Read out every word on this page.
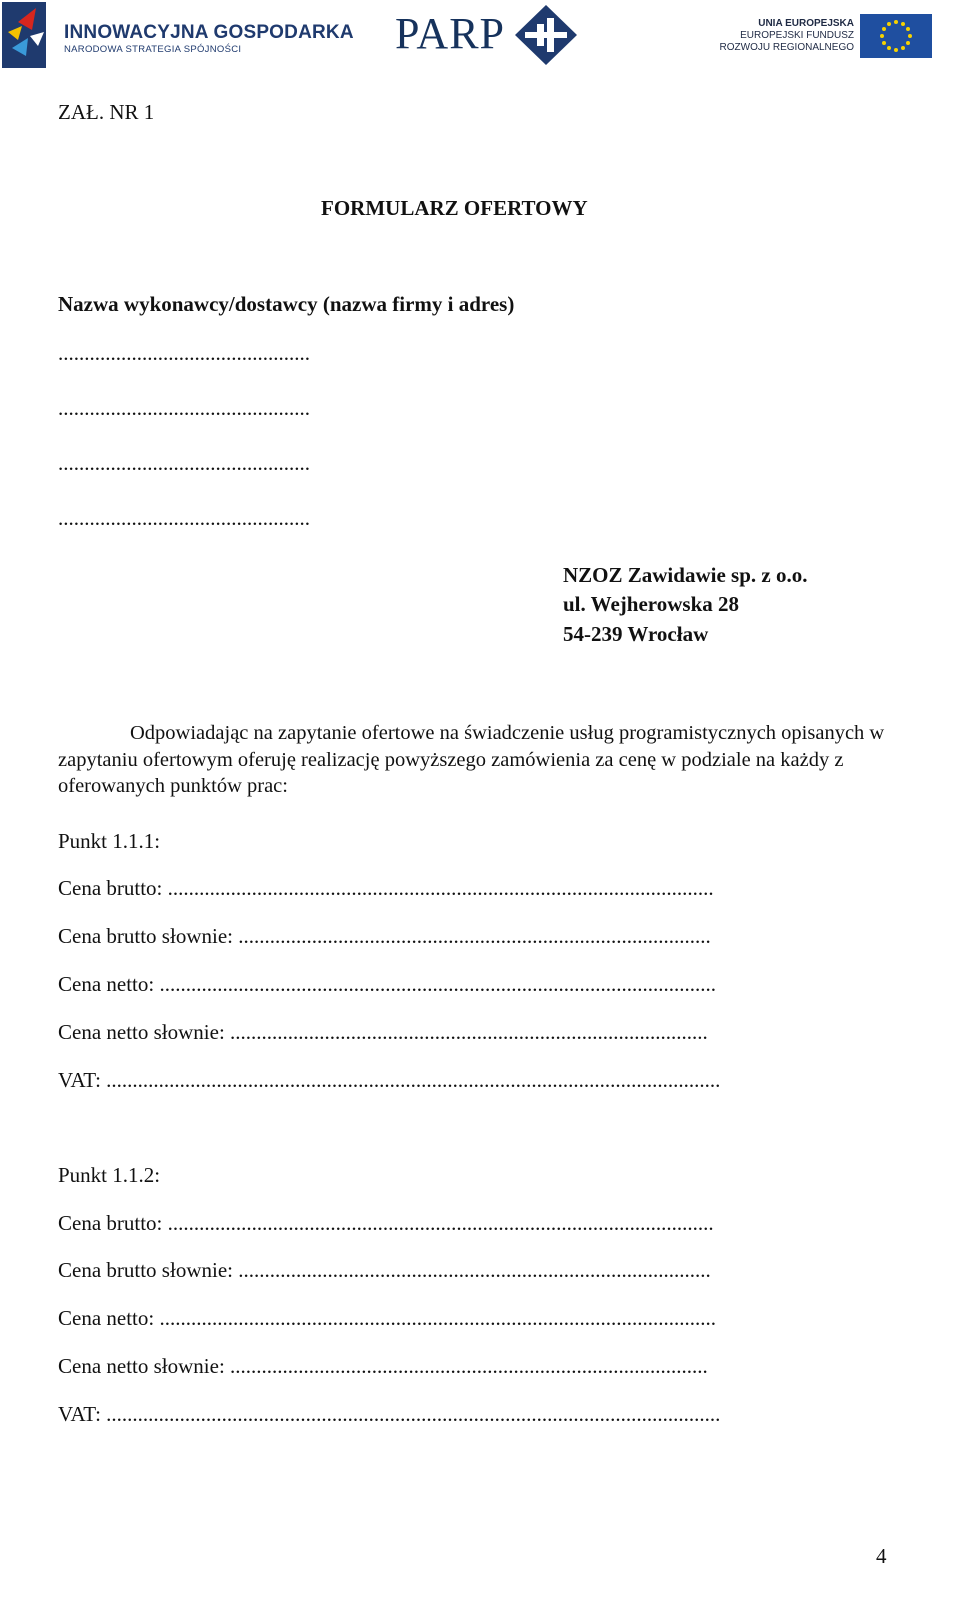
INNOWACYJNA GOSPODARKA
NARODOWA STRATEGIA SPÓJNOŚCI	PARP	UNIA EUROPEJSKA
EUROPEJSKI FUNDUSZ
ROZWOJU REGIONALNEGO
ZAŁ. NR 1
FORMULARZ OFERTOWY
Nazwa wykonawcy/dostawcy (nazwa firmy i adres)
................................................
................................................
................................................
................................................
NZOZ Zawidawie sp. z o.o.
ul. Wejherowska 28
54-239 Wrocław
Odpowiadając na zapytanie ofertowe na świadczenie usług programistycznych opisanych w zapytaniu ofertowym oferuję realizację powyższego zamówienia za cenę w podziale na każdy z oferowanych punktów prac:
Punkt 1.1.1:
Cena brutto: ........................................................................................................
Cena brutto słownie: ..........................................................................................
Cena netto: ..........................................................................................................
Cena netto słownie: ...........................................................................................
VAT: .....................................................................................................................
Punkt 1.1.2:
Cena brutto: ........................................................................................................
Cena brutto słownie: ..........................................................................................
Cena netto: ..........................................................................................................
Cena netto słownie: ...........................................................................................
VAT: .....................................................................................................................
4
